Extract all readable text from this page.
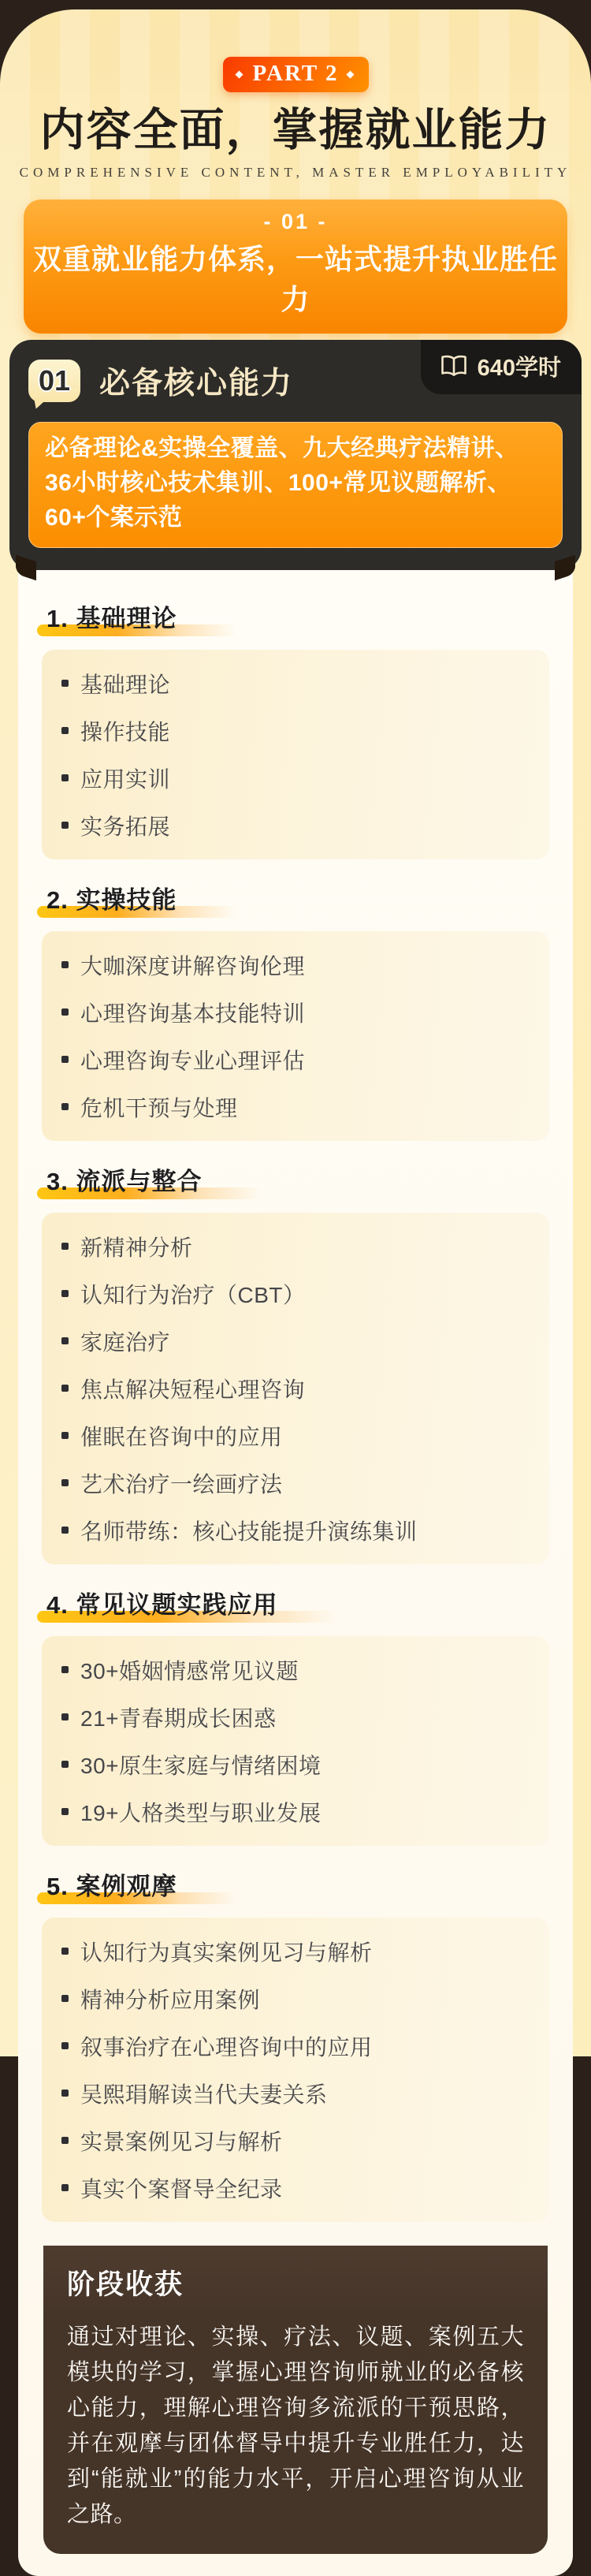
◆ PART 2 ◆
内容全面，掌握就业能力
COMPREHENSIVE CONTENT, MASTER EMPLOYABILITY
- 01 -
双重就业能力体系，一站式提升执业胜任力
01 必备核心能力	640学时
必备理论&实操全覆盖、九大经典疗法精讲、36小时核心技术集训、100+常见议题解析、60+个案示范
1. 基础理论
基础理论
操作技能
应用实训
实务拓展
2. 实操技能
大咖深度讲解咨询伦理
心理咨询基本技能特训
心理咨询专业心理评估
危机干预与处理
3. 流派与整合
新精神分析
认知行为治疗（CBT）
家庭治疗
焦点解决短程心理咨询
催眠在咨询中的应用
艺术治疗一绘画疗法
名师带练：核心技能提升演练集训
4. 常见议题实践应用
30+婚姻情感常见议题
21+青春期成长困惑
30+原生家庭与情绪困境
19+人格类型与职业发展
5. 案例观摩
认知行为真实案例见习与解析
精神分析应用案例
叙事治疗在心理咨询中的应用
吴熙琄解读当代夫妻关系
实景案例见习与解析
真实个案督导全纪录
阶段收获
通过对理论、实操、疗法、议题、案例五大模块的学习，掌握心理咨询师就业的必备核心能力，理解心理咨询多流派的干预思路，并在观摩与团体督导中提升专业胜任力，达到“能就业”的能力水平，开启心理咨询从业之路。
